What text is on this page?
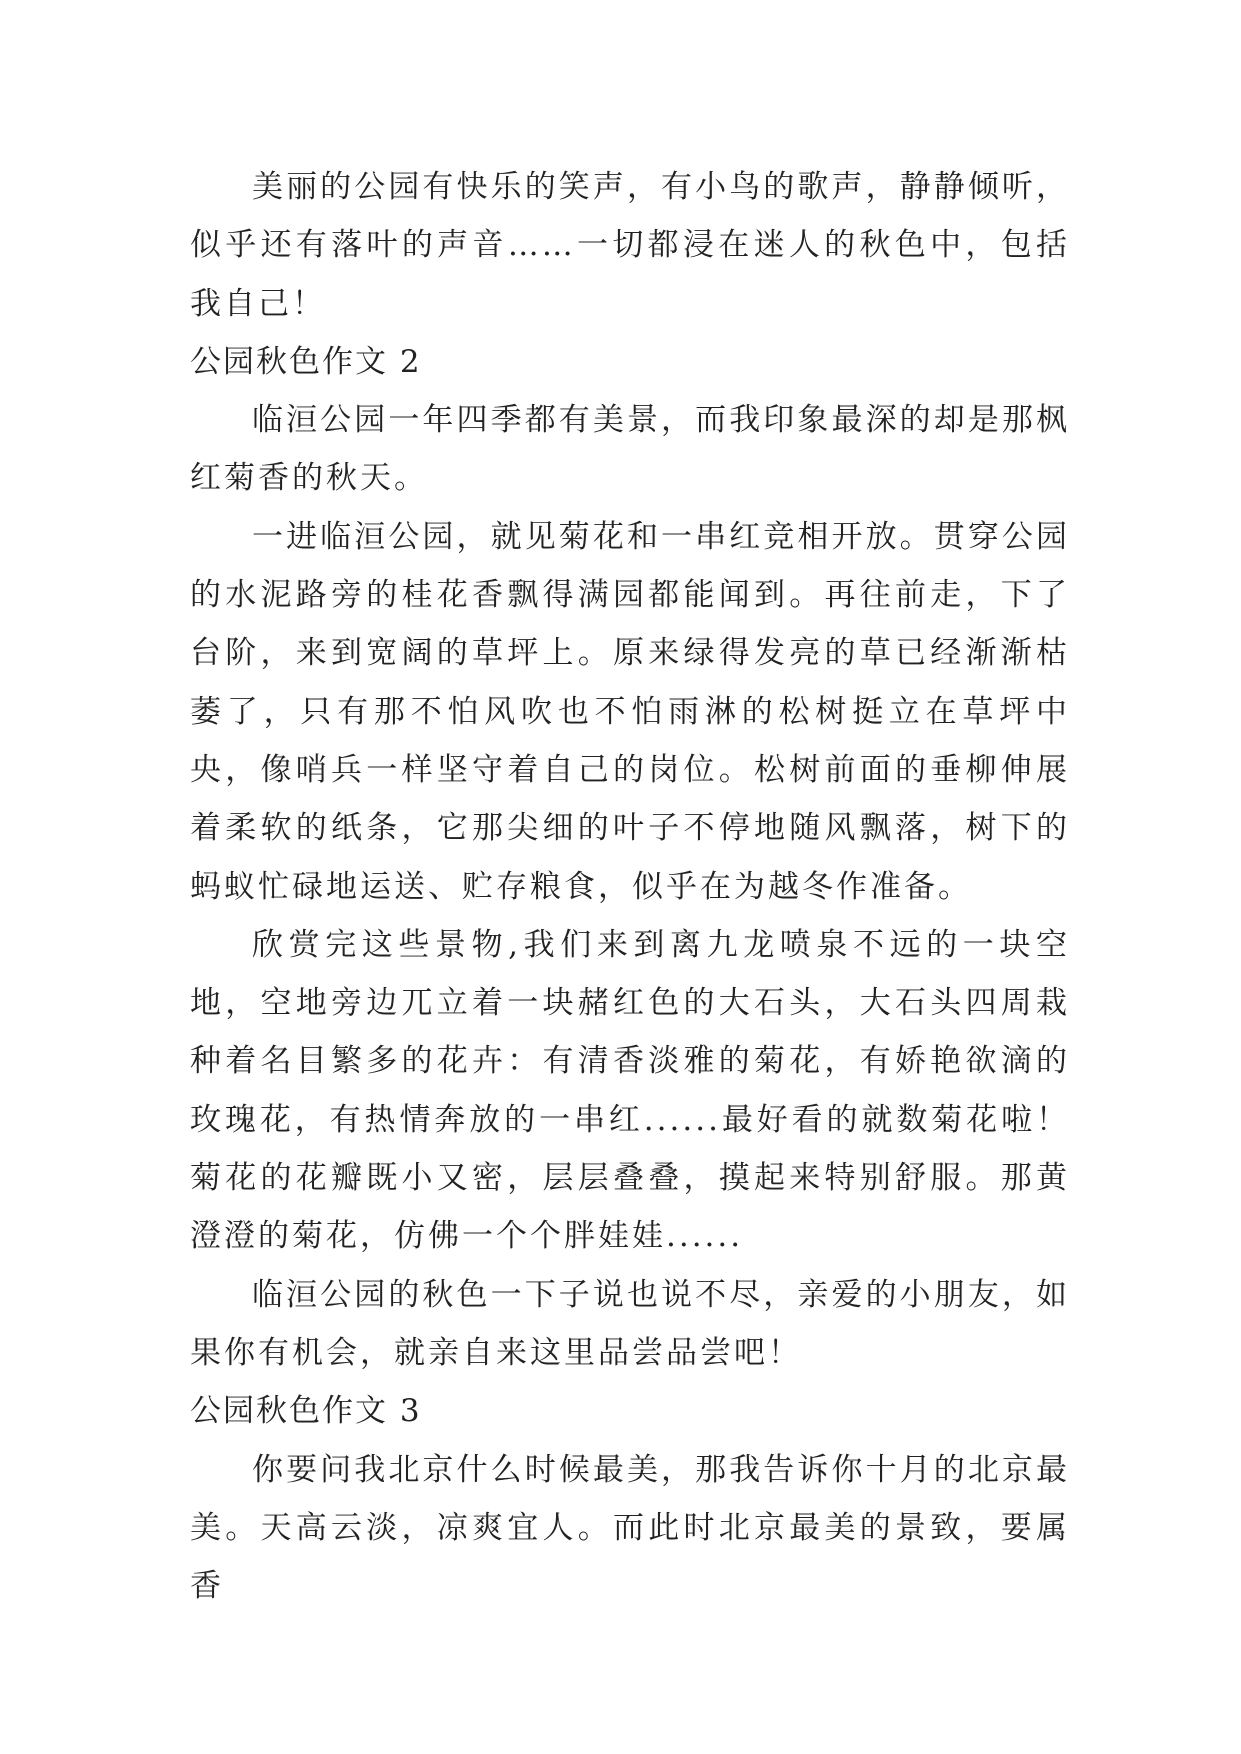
美丽的公园有快乐的笑声，有小鸟的歌声，静静倾听，似乎还有落叶的声音……一切都浸在迷人的秋色中，包括我自己！

公园秋色作文 2

临洹公园一年四季都有美景，而我印象最深的却是那枫红菊香的秋天。

一进临洹公园，就见菊花和一串红竞相开放。贯穿公园的水泥路旁的桂花香飘得满园都能闻到。再往前走，下了台阶，来到宽阔的草坪上。原来绿得发亮的草已经渐渐枯萎了，只有那不怕风吹也不怕雨淋的松树挺立在草坪中央，像哨兵一样坚守着自己的岗位。松树前面的垂柳伸展着柔软的纸条，它那尖细的叶子不停地随风飘落，树下的蚂蚁忙碌地运送、贮存粮食，似乎在为越冬作准备。

欣赏完这些景物,我们来到离九龙喷泉不远的一块空地，空地旁边兀立着一块赭红色的大石头，大石头四周栽种着名目繁多的花卉：有清香淡雅的菊花，有娇艳欲滴的玫瑰花，有热情奔放的一串红......最好看的就数菊花啦！菊花的花瓣既小又密，层层叠叠，摸起来特别舒服。那黄澄澄的菊花，仿佛一个个胖娃娃......

临洹公园的秋色一下子说也说不尽，亲爱的小朋友，如果你有机会，就亲自来这里品尝品尝吧！

公园秋色作文 3

你要问我北京什么时候最美，那我告诉你十月的北京最美。天高云淡，凉爽宜人。而此时北京最美的景致，要属香
